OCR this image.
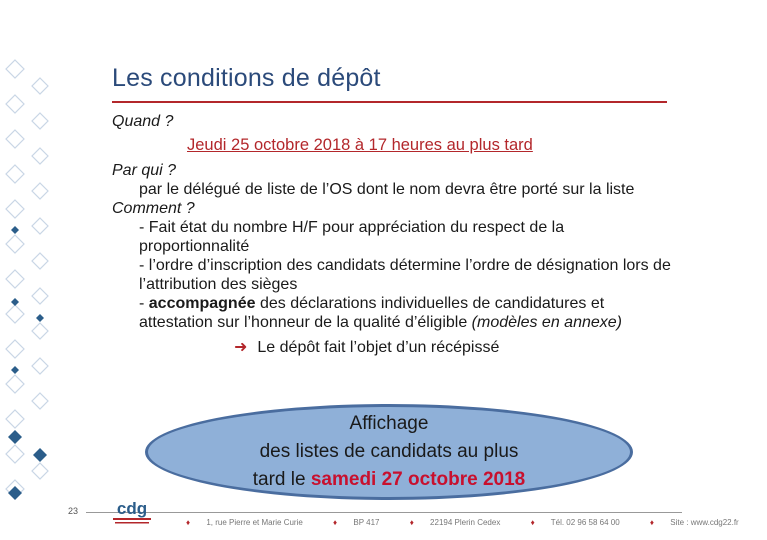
Les conditions de dépôt
Quand ?
Jeudi 25 octobre 2018 à 17 heures au plus tard
Par qui ?
par le délégué de liste de l’OS dont le nom devra être porté sur la liste
Comment ?
- Fait état du nombre H/F pour appréciation du respect de la proportionnalité
- l’ordre d’inscription des candidats détermine l’ordre de désignation lors de l’attribution des sièges
- accompagnée des déclarations individuelles de candidatures et attestation sur l’honneur de la qualité d’éligible (modèles en annexe)
➜ Le dépôt fait l’objet d’un récépissé
Affichage
des listes de candidats au plus
tard le samedi 27 octobre 2018
23 cdg
♦ 1, rue Pierre et Marie Curie	♦ BP 417	♦ 22194 Plerin Cedex	♦ Tél. 02 96 58 64 00	♦ Site : www.cdg22.fr
